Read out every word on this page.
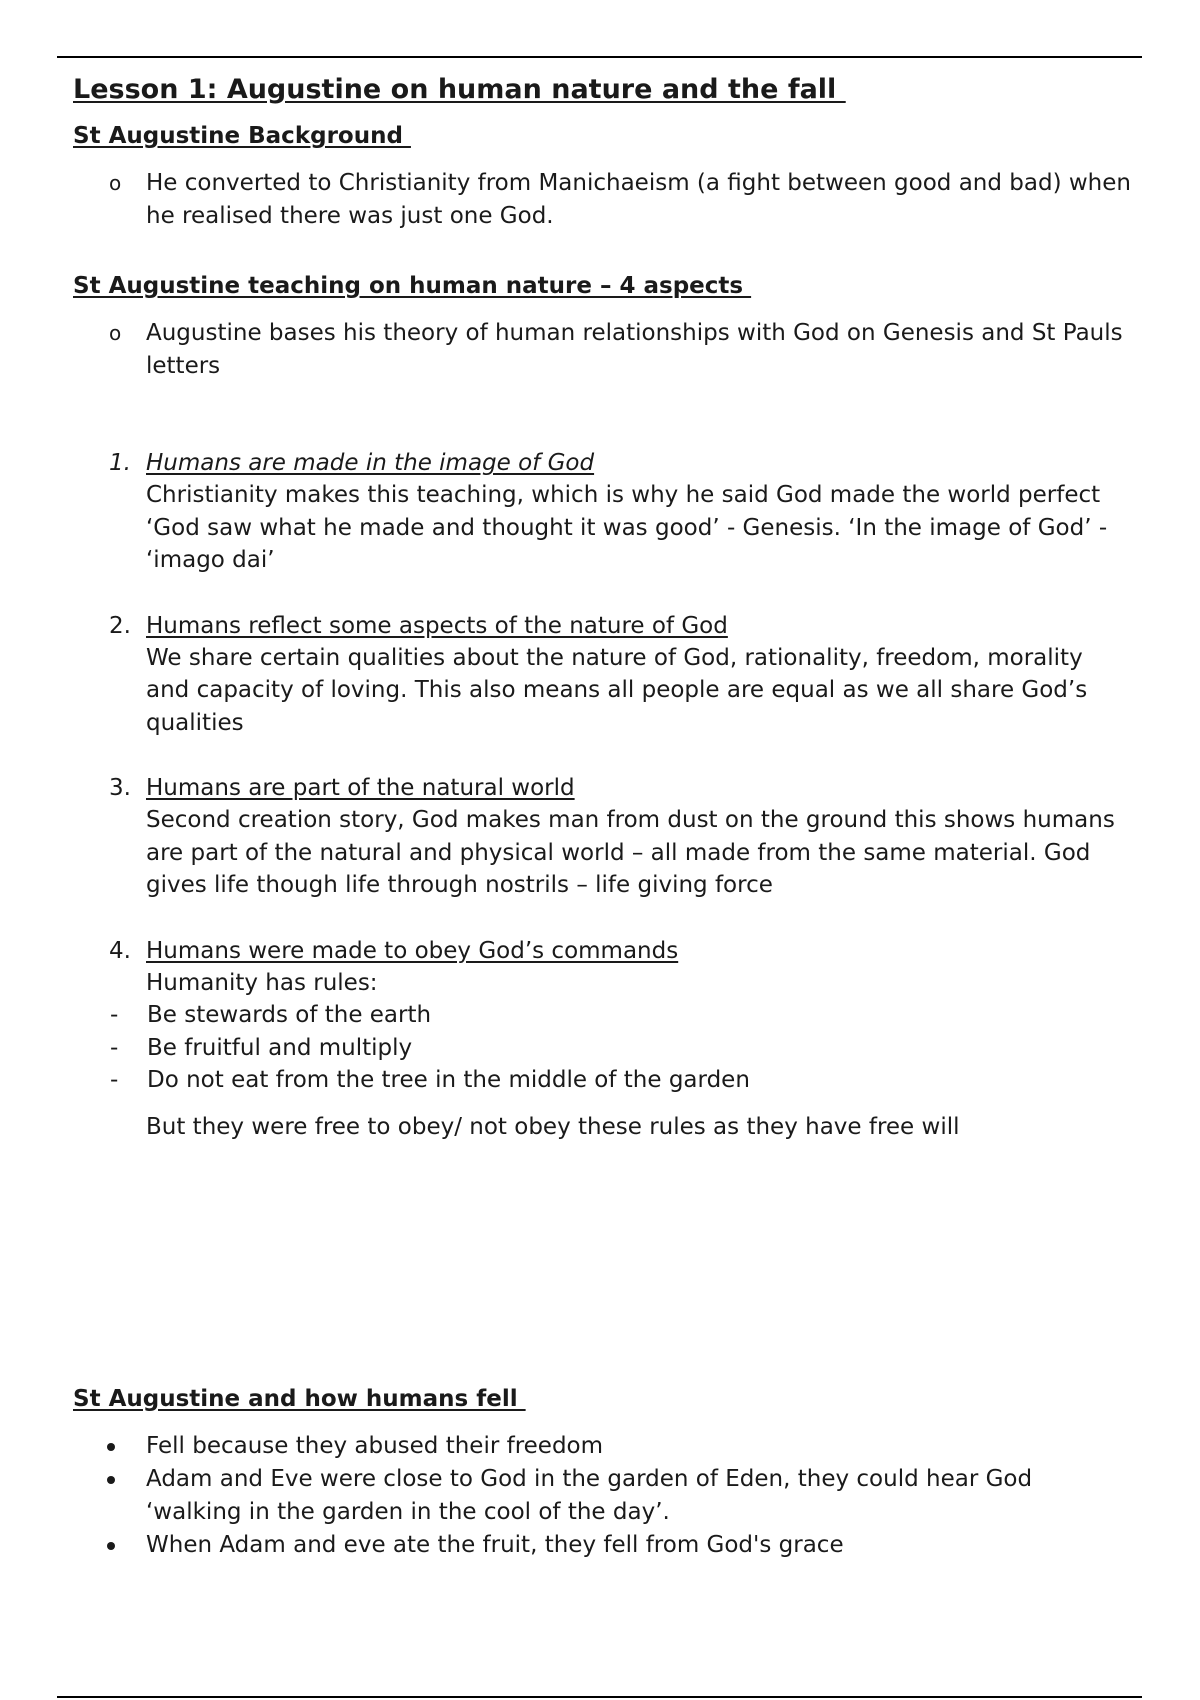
Lesson 1: Augustine on human nature and the fall
St Augustine Background
o He converted to Christianity from Manichaeism (a fight between good and bad) when he realised there was just one God.
St Augustine teaching on human nature – 4 aspects
o Augustine bases his theory of human relationships with God on Genesis and St Pauls letters
1. Humans are made in the image of God
Christianity makes this teaching, which is why he said God made the world perfect ‘God saw what he made and thought it was good’ - Genesis. ‘In the image of God’ - ‘imago dai’
2. Humans reflect some aspects of the nature of God
We share certain qualities about the nature of God, rationality, freedom, morality and capacity of loving. This also means all people are equal as we all share God’s qualities
3. Humans are part of the natural world
Second creation story, God makes man from dust on the ground this shows humans are part of the natural and physical world – all made from the same material. God gives life though life through nostrils – life giving force
4. Humans were made to obey God’s commands
Humanity has rules:
- Be stewards of the earth
- Be fruitful and multiply
- Do not eat from the tree in the middle of the garden
But they were free to obey/ not obey these rules as they have free will
St Augustine and how humans fell
Fell because they abused their freedom
Adam and Eve were close to God in the garden of Eden, they could hear God ‘walking in the garden in the cool of the day’.
When Adam and eve ate the fruit, they fell from God's grace
